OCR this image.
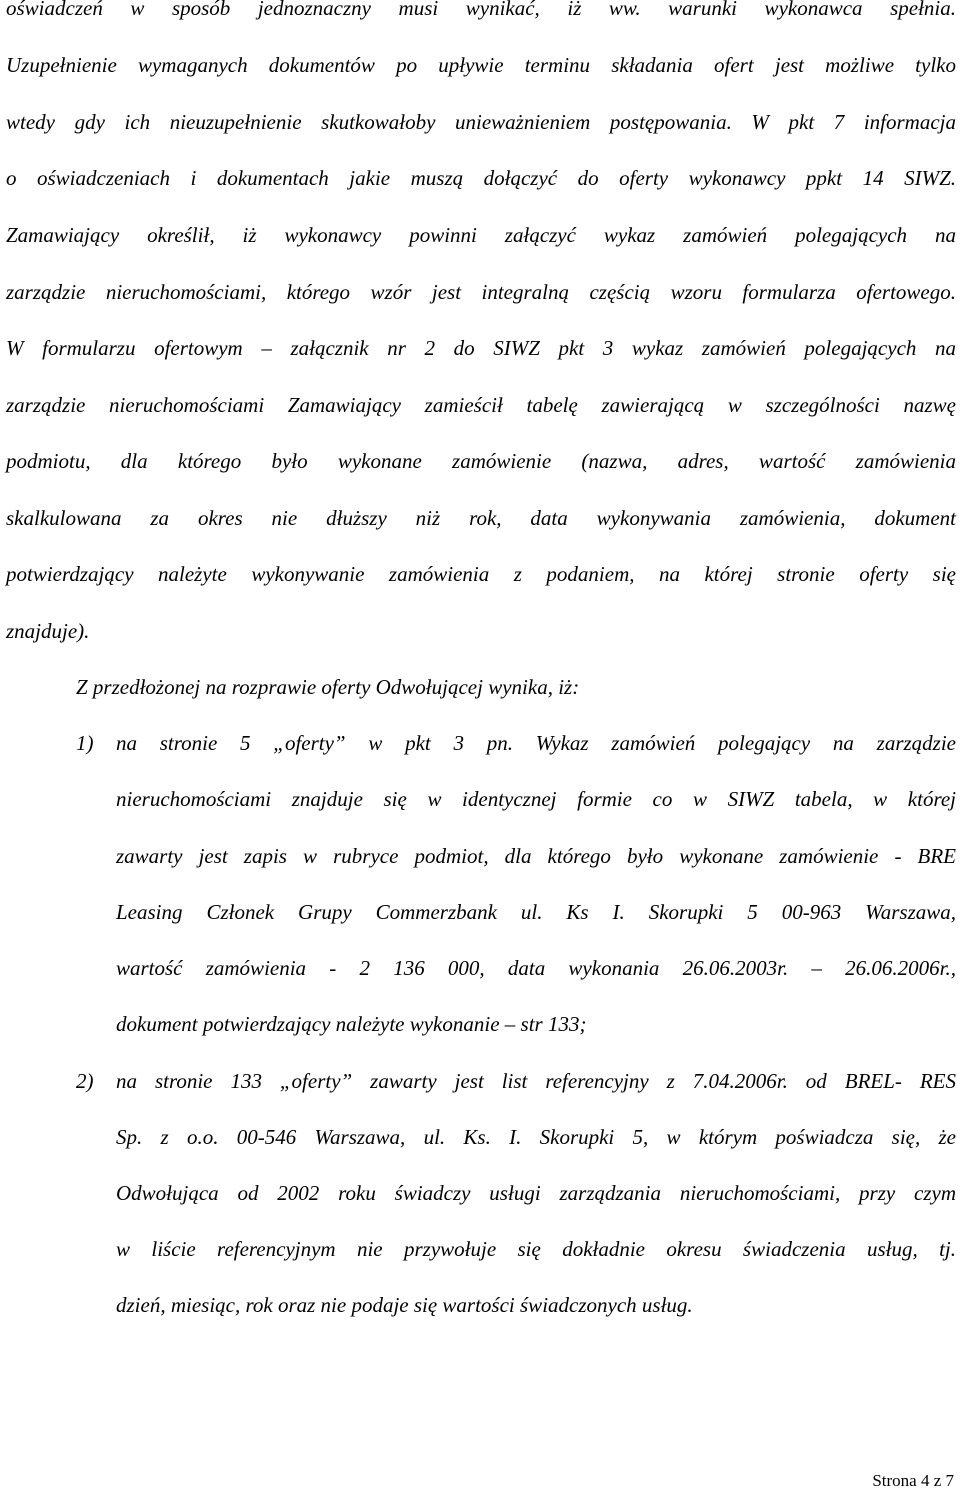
oświadczeń w sposób jednoznaczny musi wynikać, iż ww. warunki wykonawca spełnia.
Uzupełnienie wymaganych dokumentów po upływie terminu składania ofert jest możliwe tylko
wtedy gdy ich nieuzupełnienie skutkowałoby unieważnieniem postępowania. W pkt 7 informacja
o oświadczeniach i dokumentach jakie muszą dołączyć do oferty wykonawcy ppkt 14 SIWZ.
Zamawiający określił, iż wykonawcy powinni załączyć wykaz zamówień polegających na
zarządzie nieruchomościami, którego wzór jest integralną częścią wzoru formularza ofertowego.
W formularzu ofertowym – załącznik nr 2 do SIWZ pkt 3 wykaz zamówień polegających na
zarządzie nieruchomościami Zamawiający zamieścił tabelę zawierającą w szczególności nazwę
podmiotu, dla którego było wykonane zamówienie (nazwa, adres, wartość zamówienia
skalkulowana za okres nie dłuższy niż rok, data wykonywania zamówienia, dokument
potwierdzający należyte wykonywanie zamówienia z podaniem, na której stronie oferty się
znajduje).
Z przedłożonej na rozprawie oferty Odwołującej wynika, iż:
1)	na stronie 5 „oferty” w pkt 3 pn. Wykaz zamówień polegający na zarządzie
nieruchomościami znajduje się w identycznej formie co w SIWZ tabela, w której
zawarty jest zapis w rubryce podmiot, dla którego było wykonane zamówienie - BRE
Leasing Członek Grupy Commerzbank ul. Ks I. Skorupki 5 00-963 Warszawa,
wartość zamówienia - 2 136 000, data wykonania 26.06.2003r. – 26.06.2006r.,
dokument potwierdzający należyte wykonanie – str 133;
2)	na stronie 133 „oferty” zawarty jest list referencyjny z 7.04.2006r. od BREL- RES
Sp. z o.o. 00-546 Warszawa, ul. Ks. I. Skorupki 5, w którym poświadcza się, że
Odwołująca od 2002 roku świadczy usługi zarządzania nieruchomościami, przy czym
w liście referencyjnym nie przywołuje się dokładnie okresu świadczenia usług, tj.
dzień, miesiąc, rok oraz nie podaje się wartości świadczonych usług.
Strona 4 z 7
